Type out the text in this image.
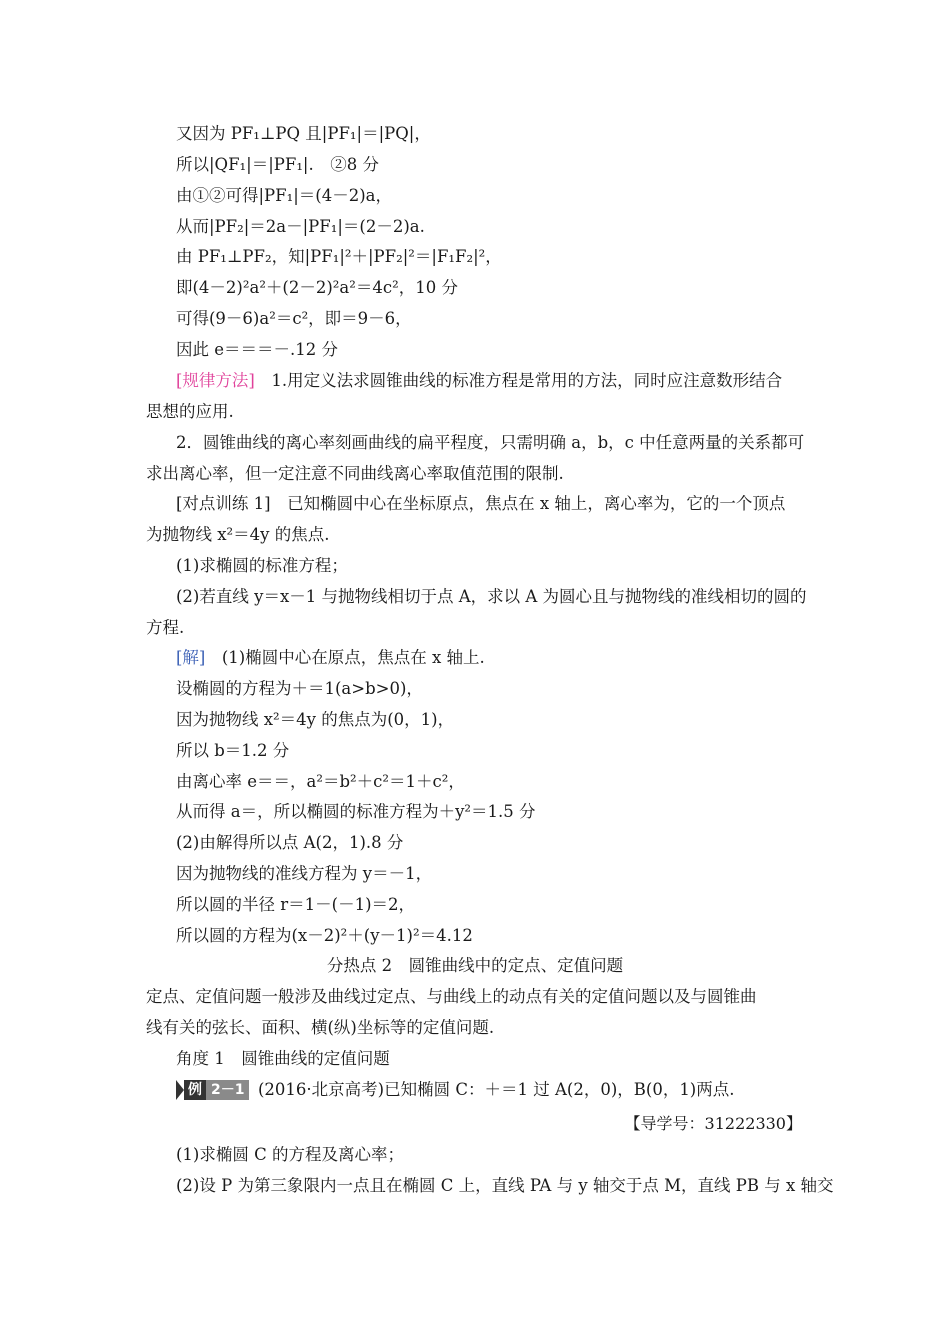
又因为 PF₁⊥PQ 且|PF₁|＝|PQ|，
所以|QF₁|＝|PF₁|.　②8 分
由①②可得|PF₁|＝(4－2)a，
从而|PF₂|＝2a－|PF₁|＝(2－2)a.
由 PF₁⊥PF₂，知|PF₁|²＋|PF₂|²＝|F₁F₂|²，
即(4－2)²a²＋(2－2)²a²＝4c²，10 分
可得(9－6)a²＝c²，即＝9－6，
因此 e＝＝＝－.12 分
[规律方法]　1.用定义法求圆锥曲线的标准方程是常用的方法，同时应注意数形结合
思想的应用.
2．圆锥曲线的离心率刻画曲线的扁平程度，只需明确 a，b，c 中任意两量的关系都可
求出离心率，但一定注意不同曲线离心率取值范围的限制.
[对点训练 1]　已知椭圆中心在坐标原点，焦点在 x 轴上，离心率为，它的一个顶点
为抛物线 x²＝4y 的焦点.
(1)求椭圆的标准方程；
(2)若直线 y＝x－1 与抛物线相切于点 A，求以 A 为圆心且与抛物线的准线相切的圆的
方程.
[解]　(1)椭圆中心在原点，焦点在 x 轴上.
设椭圆的方程为＋＝1(a>b>0)，
因为抛物线 x²＝4y 的焦点为(0，1)，
所以 b＝1.2 分
由离心率 e＝＝，a²＝b²＋c²＝1＋c²，
从而得 a＝，所以椭圆的标准方程为＋y²＝1.5 分
(2)由解得所以点 A(2，1).8 分
因为抛物线的准线方程为 y＝－1，
所以圆的半径 r＝1－(－1)＝2，
所以圆的方程为(x－2)²＋(y－1)²＝4.12
分热点 2　圆锥曲线中的定点、定值问题
定点、定值问题一般涉及曲线过定点、与曲线上的动点有关的定值问题以及与圆锥曲
线有关的弦长、面积、横(纵)坐标等的定值问题.
角度 1　圆锥曲线的定值问题
例 2－1 (2016·北京高考)已知椭圆 C：＋＝1 过 A(2，0)，B(0，1)两点.
【导学号：31222330】
(1)求椭圆 C 的方程及离心率；
(2)设 P 为第三象限内一点且在椭圆 C 上，直线 PA 与 y 轴交于点 M，直线 PB 与 x 轴交
